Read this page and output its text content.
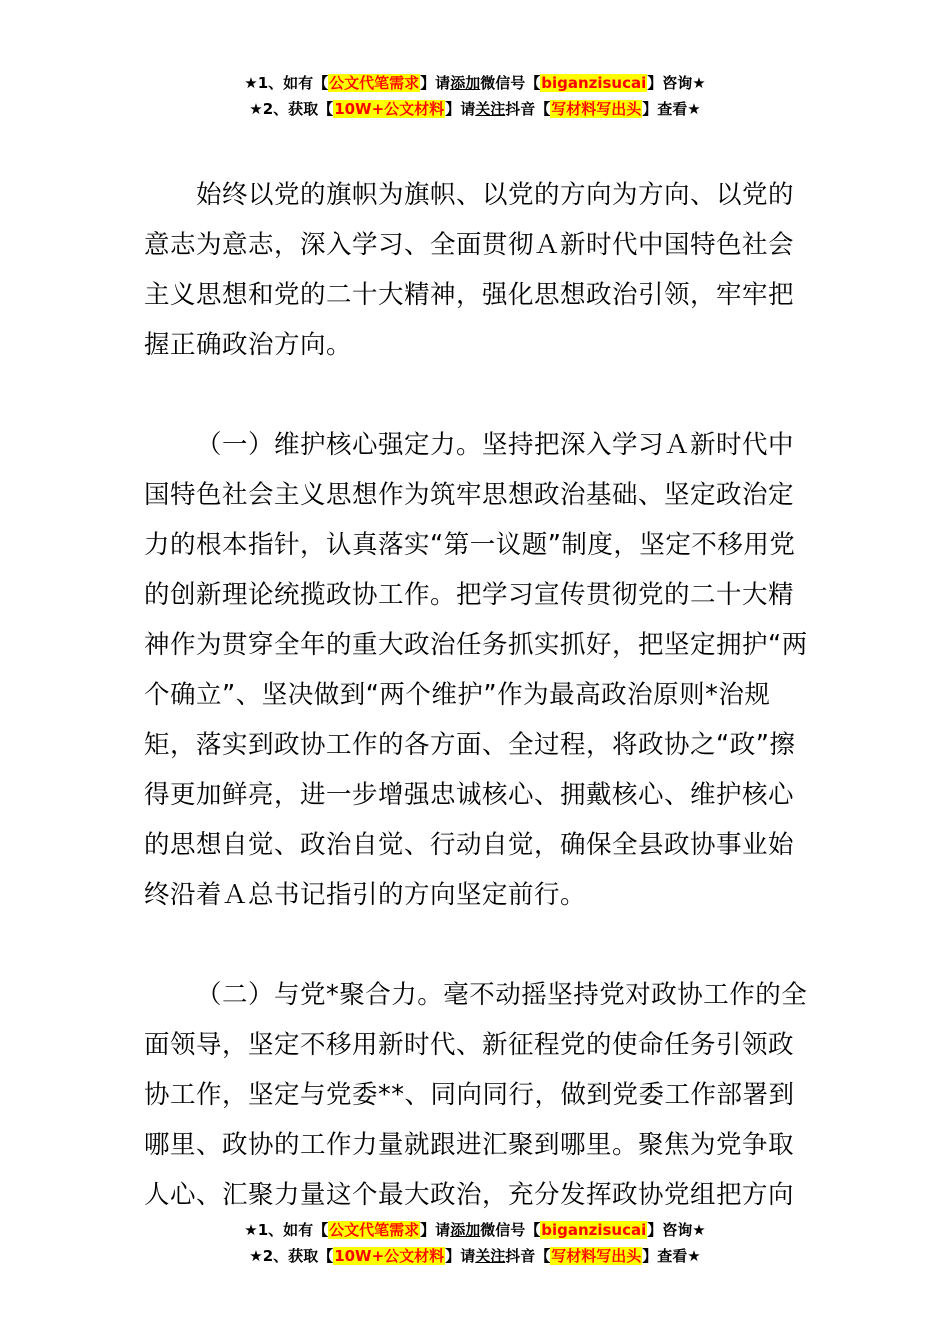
★1、如有【公文代笔需求】请添加微信号【biganzisucai】咨询★
★2、获取【10W+公文材料】请关注抖音【写材料写出头】查看★

始终以党的旗帜为旗帜、以党的方向为方向、以党的意志为意志，深入学习、全面贯彻Ａ新时代中国特色社会主义思想和党的二十大精神，强化思想政治引领，牢牢把握正确政治方向。

（一）维护核心强定力。坚持把深入学习Ａ新时代中国特色社会主义思想作为筑牢思想政治基础、坚定政治定力的根本指针，认真落实“第一议题”制度，坚定不移用党的创新理论统揽政协工作。把学习宣传贯彻党的二十大精神作为贯穿全年的重大政治任务抓实抓好，把坚定拥护“两个确立”、坚决做到“两个维护”作为最高政治原则*治规矩，落实到政协工作的各方面、全过程，将政协之“政”擦得更加鲜亮，进一步增强忠诚核心、拥戴核心、维护核心的思想自觉、政治自觉、行动自觉，确保全县政协事业始终沿着Ａ总书记指引的方向坚定前行。

（二）与党*聚合力。毫不动摇坚持党对政协工作的全面领导，坚定不移用新时代、新征程党的使命任务引领政协工作，坚定与党委**、同向同行，做到党委工作部署到哪里、政协的工作力量就跟进汇聚到哪里。聚焦为党争取人心、汇聚力量这个最大政治，充分发挥政协党组把方向

★1、如有【公文代笔需求】请添加微信号【biganzisucai】咨询★
★2、获取【10W+公文材料】请关注抖音【写材料写出头】查看★
